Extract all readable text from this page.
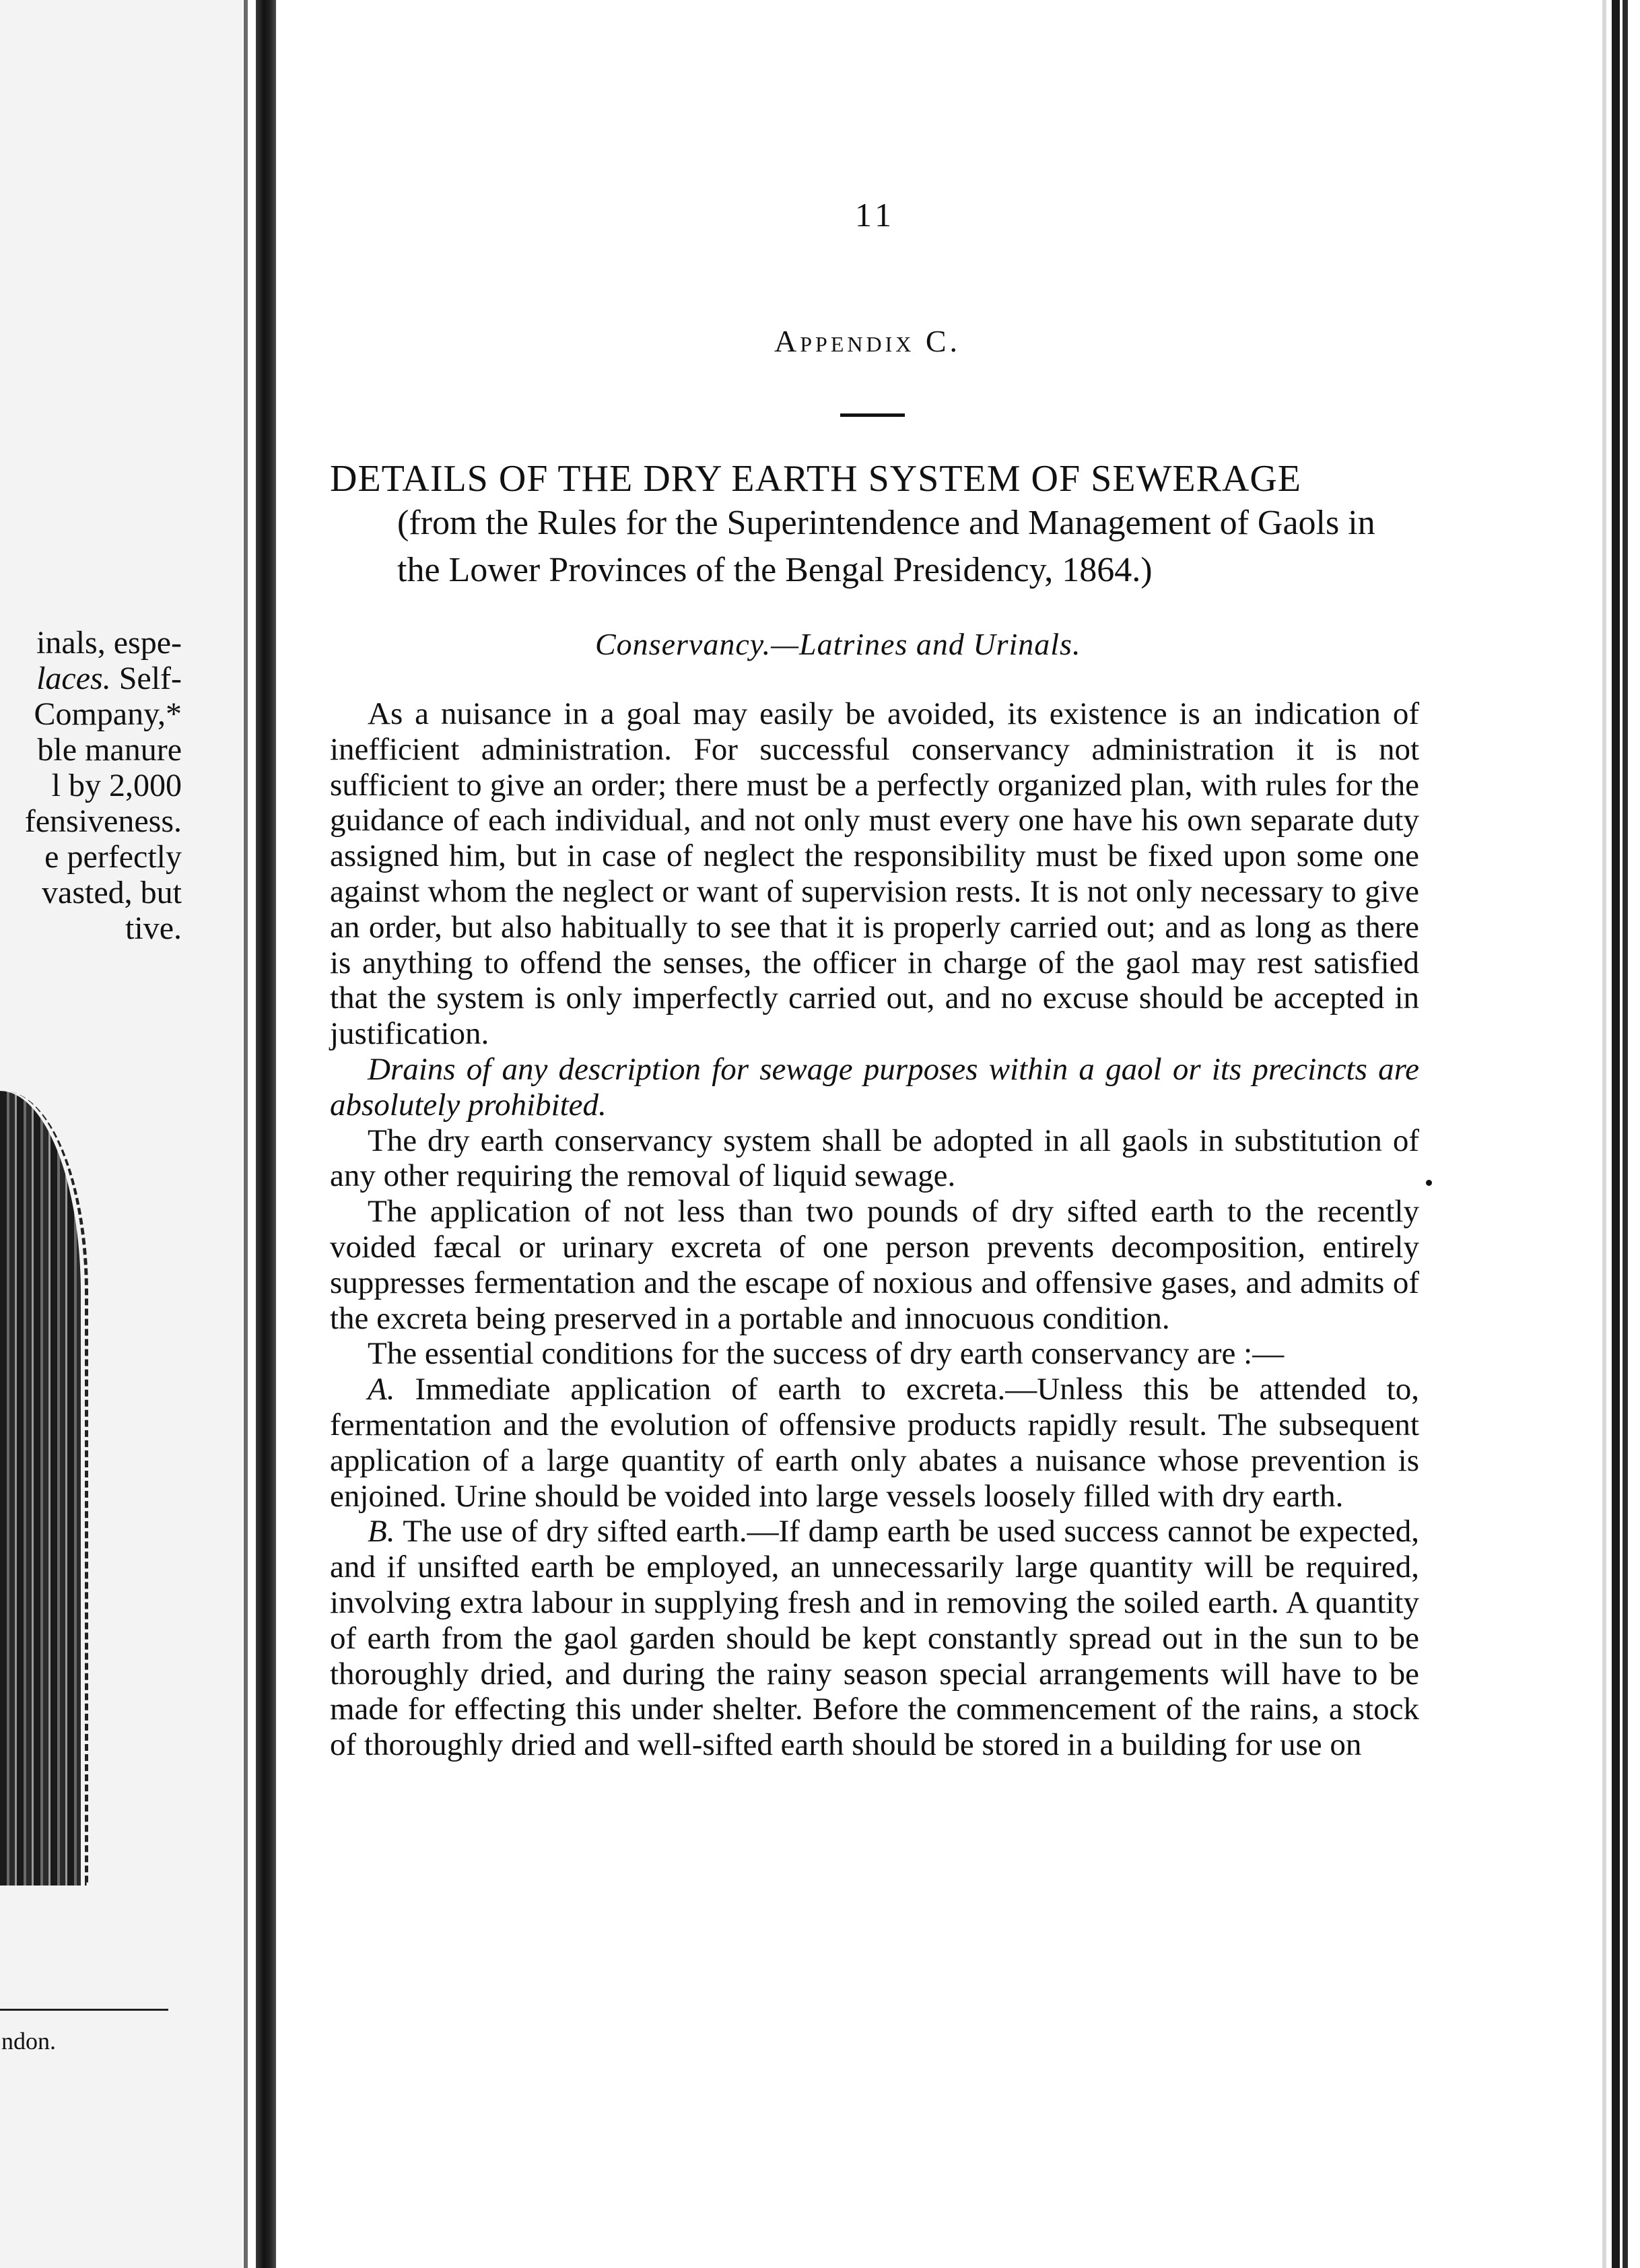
inals, espe-
laces. Self-
Company,*
ble manure
l by 2,000
fensiveness.
e perfectly
vasted, but
tive.
ndon.
11
Appendix C.
DETAILS OF THE DRY EARTH SYSTEM OF SEWERAGE
(from the Rules for the Superintendence and Management of Gaols in the Lower Provinces of the Bengal Presidency, 1864.)
Conservancy.—Latrines and Urinals.

As a nuisance in a goal may easily be avoided, its existence is an indication of inefficient administration. For successful conservancy administration it is not sufficient to give an order; there must be a perfectly organized plan, with rules for the guidance of each individual, and not only must every one have his own separate duty assigned him, but in case of neglect the responsibility must be fixed upon some one against whom the neglect or want of supervision rests. It is not only necessary to give an order, but also habitually to see that it is properly carried out; and as long as there is anything to offend the senses, the officer in charge of the gaol may rest satisfied that the system is only imperfectly carried out, and no excuse should be accepted in justification.

Drains of any description for sewage purposes within a gaol or its precincts are absolutely prohibited.

The dry earth conservancy system shall be adopted in all gaols in substitution of any other requiring the removal of liquid sewage.

The application of not less than two pounds of dry sifted earth to the recently voided fæcal or urinary excreta of one person prevents decomposition, entirely suppresses fermentation and the escape of noxious and offensive gases, and admits of the excreta being preserved in a portable and innocuous condition.

The essential conditions for the success of dry earth conservancy are :—

A. Immediate application of earth to excreta.—Unless this be attended to, fermentation and the evolution of offensive products rapidly result. The subsequent application of a large quantity of earth only abates a nuisance whose prevention is enjoined. Urine should be voided into large vessels loosely filled with dry earth.

B. The use of dry sifted earth.—If damp earth be used success cannot be expected, and if unsifted earth be employed, an unnecessarily large quantity will be required, involving extra labour in supplying fresh and in removing the soiled earth. A quantity of earth from the gaol garden should be kept constantly spread out in the sun to be thoroughly dried, and during the rainy season special arrangements will have to be made for effecting this under shelter. Before the commencement of the rains, a stock of thoroughly dried and well-sifted earth should be stored in a building for use on
